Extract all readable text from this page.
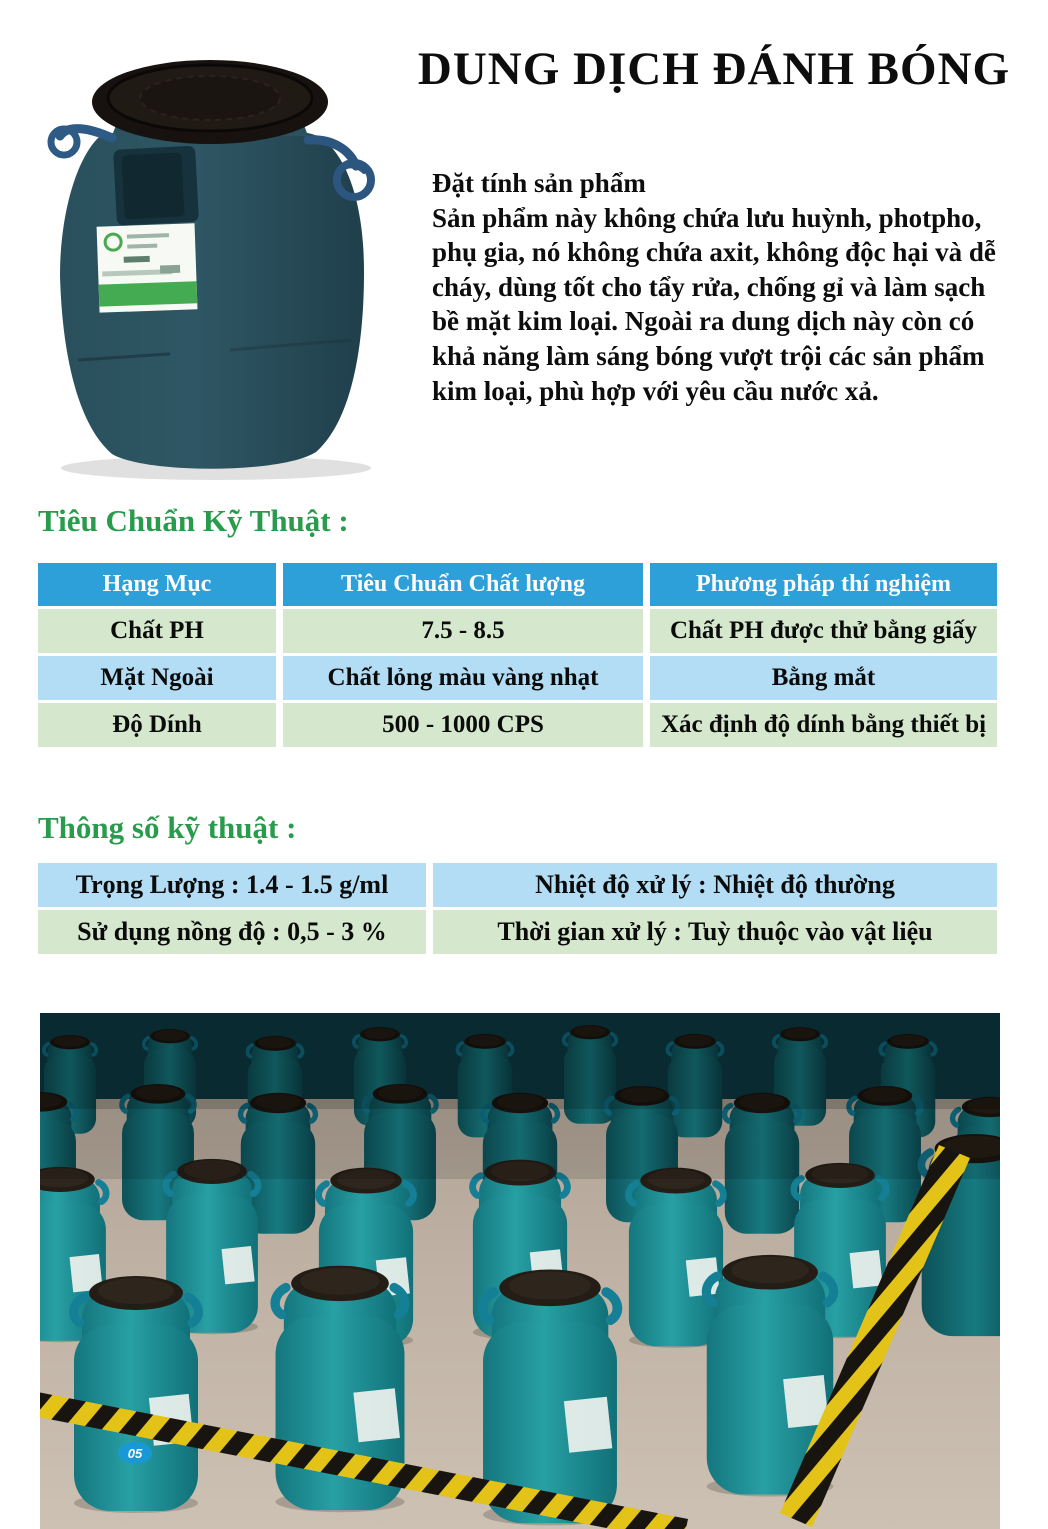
DUNG DỊCH ĐÁNH BÓNG

Đặt tính sản phẩm

Sản phẩm này không chứa lưu huỳnh, photpho, phụ gia, nó không chứa axit, không độc hại và dễ cháy, dùng tốt cho tẩy rửa, chống gỉ và làm sạch bề mặt kim loại. Ngoài ra dung dịch này còn có khả năng làm sáng bóng vượt trội các sản phẩm kim loại, phù hợp với yêu cầu nước xả.

Tiêu Chuẩn Kỹ Thuật :
Hạng Mục	Tiêu Chuẩn Chất lượng	Phương pháp thí nghiệm
Chất PH	7.5 - 8.5	Chất PH được thử bằng giấy
Mặt Ngoài	Chất lỏng màu vàng nhạt	Bằng mắt
Độ Dính	500 - 1000 CPS	Xác định độ dính bằng thiết bị
Thông số kỹ thuật :
Trọng Lượng : 1.4 - 1.5 g/ml	Nhiệt độ xử lý : Nhiệt độ thường
Sử dụng nồng độ : 0,5 - 3 %	Thời gian xử lý : Tuỳ thuộc vào vật liệu
05
